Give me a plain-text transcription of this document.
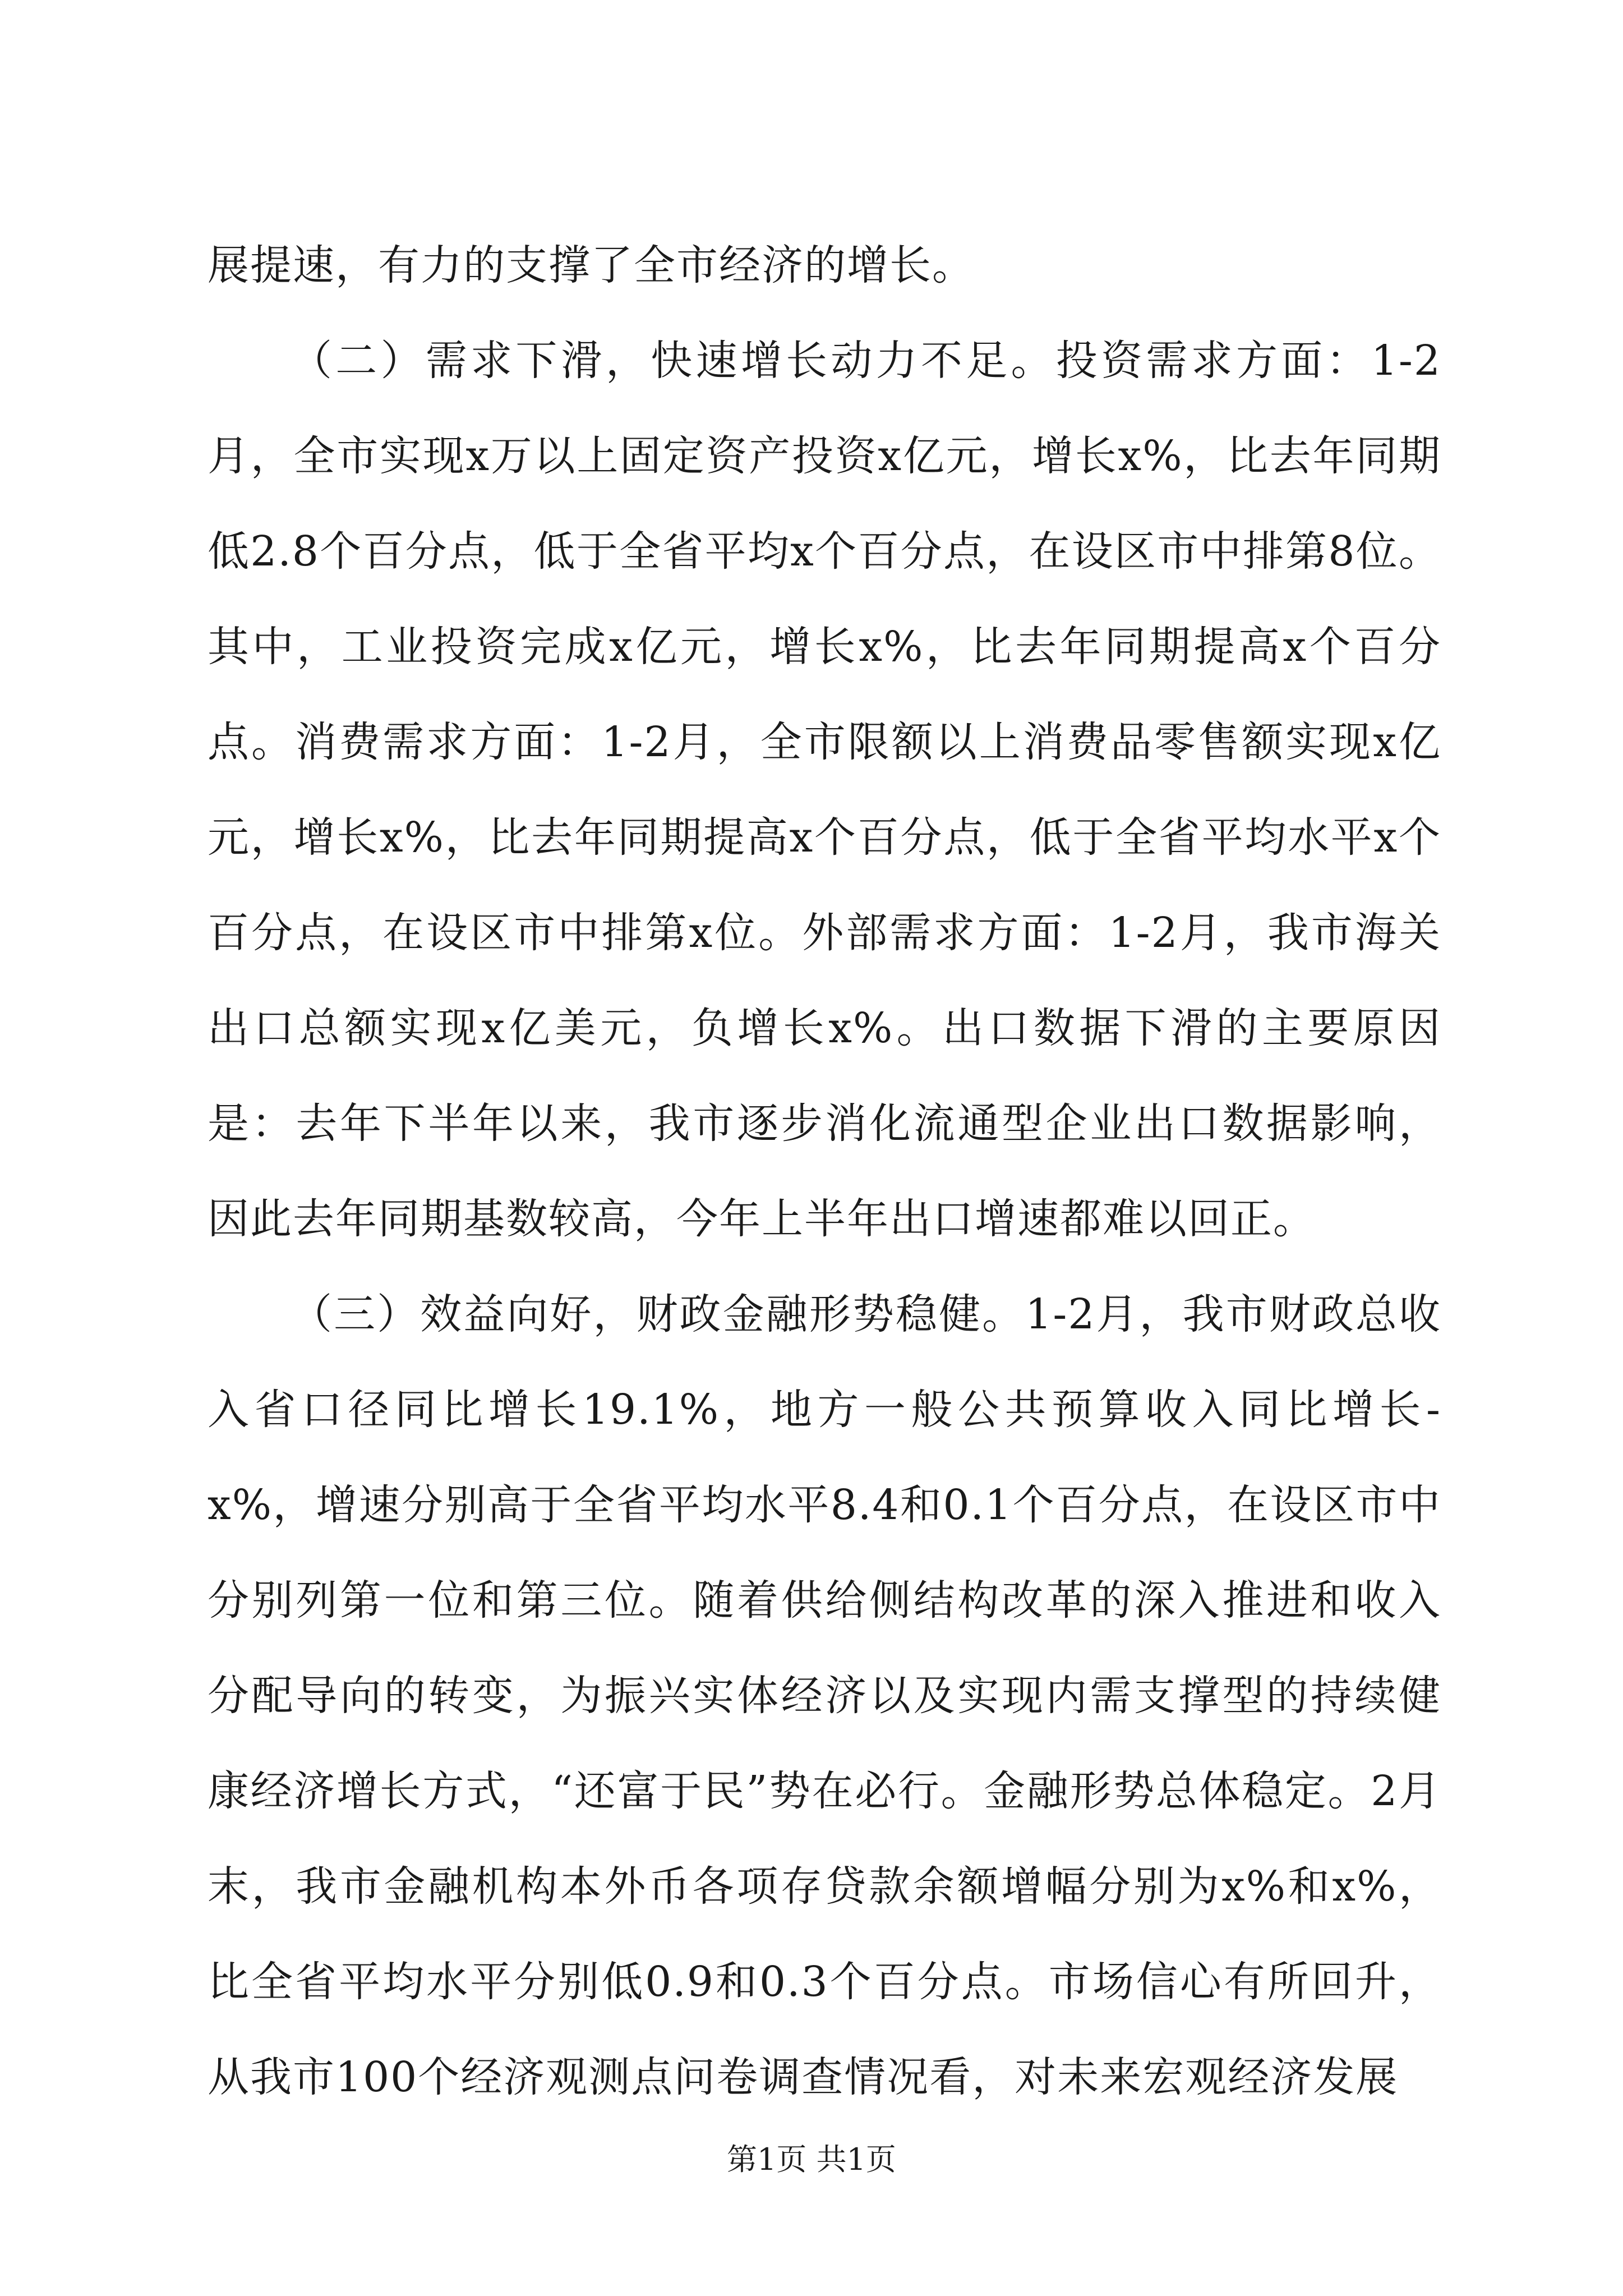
展提速，有力的支撑了全市经济的增长。

（二）需求下滑，快速增长动力不足。投资需求方面：1-2月，全市实现x万以上固定资产投资x亿元，增长x%，比去年同期低2.8个百分点，低于全省平均x个百分点，在设区市中排第8位。其中，工业投资完成x亿元，增长x%，比去年同期提高x个百分点。消费需求方面：1-2月，全市限额以上消费品零售额实现x亿元，增长x%，比去年同期提高x个百分点，低于全省平均水平x个百分点，在设区市中排第x位。外部需求方面：1-2月，我市海关出口总额实现x亿美元，负增长x%。出口数据下滑的主要原因是：去年下半年以来，我市逐步消化流通型企业出口数据影响，因此去年同期基数较高，今年上半年出口增速都难以回正。

（三）效益向好，财政金融形势稳健。1-2月，我市财政总收入省口径同比增长19.1%，地方一般公共预算收入同比增长-x%，增速分别高于全省平均水平8.4和0.1个百分点，在设区市中分别列第一位和第三位。随着供给侧结构改革的深入推进和收入分配导向的转变，为振兴实体经济以及实现内需支撑型的持续健康经济增长方式，“还富于民”势在必行。金融形势总体稳定。2月末，我市金融机构本外币各项存贷款余额增幅分别为x%和x%，比全省平均水平分别低0.9和0.3个百分点。市场信心有所回升，从我市100个经济观测点问卷调查情况看，对未来宏观经济发展

第1页 共1页
